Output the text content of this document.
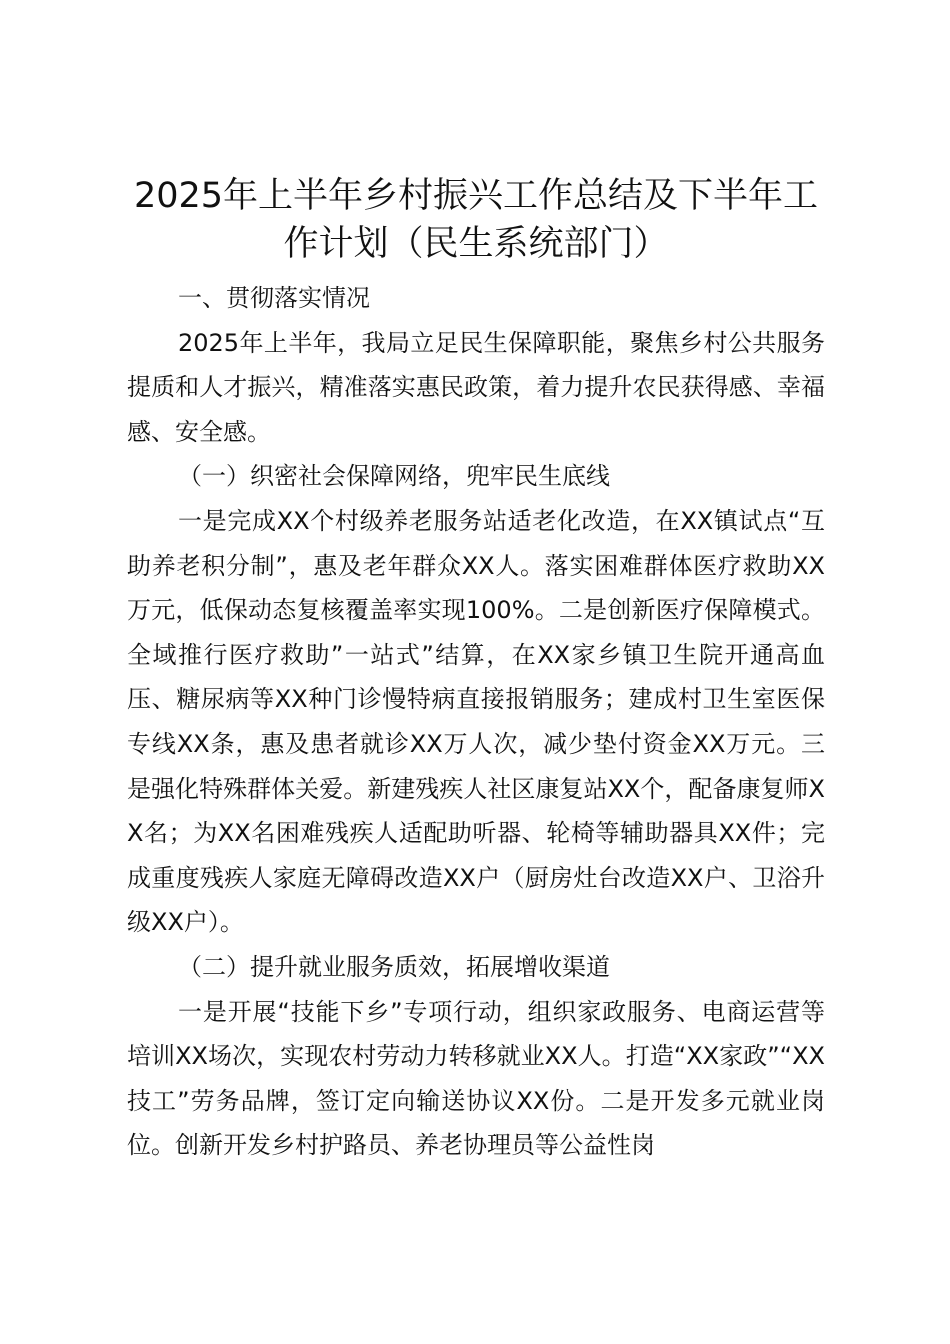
2025年上半年乡村振兴工作总结及下半年工作计划（民生系统部门）

一、贯彻落实情况

2025年上半年，我局立足民生保障职能，聚焦乡村公共服务提质和人才振兴，精准落实惠民政策，着力提升农民获得感、幸福感、安全感。

（一）织密社会保障网络，兜牢民生底线

一是完成XX个村级养老服务站适老化改造，在XX镇试点“互助养老积分制”，惠及老年群众XX人。落实困难群体医疗救助XX万元，低保动态复核覆盖率实现100%。二是创新医疗保障模式。全域推行医疗救助”一站式”结算，在XX家乡镇卫生院开通高血压、糖尿病等XX种门诊慢特病直接报销服务；建成村卫生室医保专线XX条，惠及患者就诊XX万人次，减少垫付资金XX万元。三是强化特殊群体关爱。新建残疾人社区康复站XX个，配备康复师XX名；为XX名困难残疾人适配助听器、轮椅等辅助器具XX件；完成重度残疾人家庭无障碍改造XX户（厨房灶台改造XX户、卫浴升级XX户）。

（二）提升就业服务质效，拓展增收渠道

一是开展“技能下乡”专项行动，组织家政服务、电商运营等培训XX场次，实现农村劳动力转移就业XX人。打造“XX家政”“XX技工”劳务品牌，签订定向输送协议XX份。二是开发多元就业岗位。创新开发乡村护路员、养老协理员等公益性岗
